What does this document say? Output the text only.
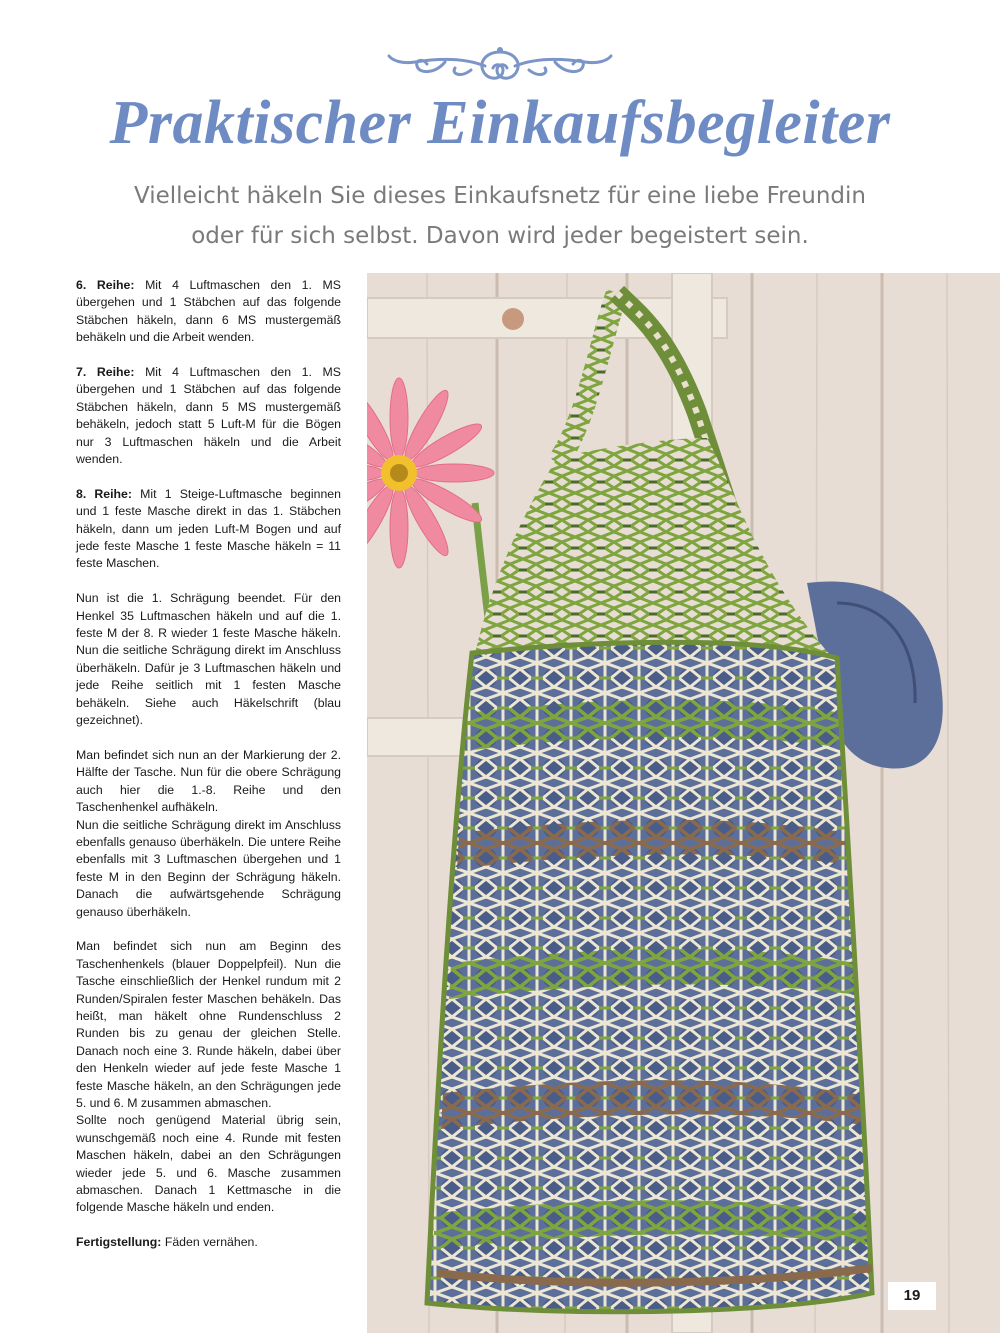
Praktischer Einkaufsbegleiter
Vielleicht häkeln Sie dieses Einkaufsnetz für eine liebe Freundin
oder für sich selbst. Davon wird jeder begeistert sein.

6. Reihe: Mit 4 Luftmaschen den 1. MS übergehen und 1 Stäbchen auf das folgende Stäbchen häkeln, dann 6 MS mustergemäß behäkeln und die Arbeit wenden.

7. Reihe: Mit 4 Luftmaschen den 1. MS übergehen und 1 Stäbchen auf das folgende Stäbchen häkeln, dann 5 MS mustergemäß behäkeln, jedoch statt 5 Luft-M für die Bögen nur 3 Luftmaschen häkeln und die Arbeit wenden.

8. Reihe: Mit 1 Steige-Luftmasche beginnen und 1 feste Masche direkt in das 1. Stäbchen häkeln, dann um jeden Luft-M Bogen und auf jede feste Masche 1 feste Masche häkeln = 11 feste Maschen.

Nun ist die 1. Schrägung beendet. Für den Henkel 35 Luftmaschen häkeln und auf die 1. feste M der 8. R wieder 1 feste Masche häkeln. Nun die seitliche Schrägung direkt im Anschluss überhäkeln. Dafür je 3 Luftmaschen häkeln und jede Reihe seitlich mit 1 festen Masche behäkeln. Siehe auch Häkelschrift (blau gezeichnet).

Man befindet sich nun an der Markierung der 2. Hälfte der Tasche. Nun für die obere Schrägung auch hier die 1.-8. Reihe und den Taschenhenkel aufhäkeln.

Nun die seitliche Schrägung direkt im Anschluss ebenfalls genauso überhäkeln. Die untere Reihe ebenfalls mit 3 Luftmaschen übergehen und 1 feste M in den Beginn der Schrägung häkeln. Danach die aufwärtsgehende Schrägung genauso überhäkeln.

Man befindet sich nun am Beginn des Taschenhenkels (blauer Doppelpfeil). Nun die Tasche einschließlich der Henkel rundum mit 2 Runden/Spiralen fester Maschen behäkeln. Das heißt, man häkelt ohne Rundenschluss 2 Runden bis zu genau der gleichen Stelle. Danach noch eine 3. Runde häkeln, dabei über den Henkeln wieder auf jede feste Masche 1 feste Masche häkeln, an den Schrägungen jede 5. und 6. M zusammen abmaschen.

Sollte noch genügend Material übrig sein, wunschgemäß noch eine 4. Runde mit festen Maschen häkeln, dabei an den Schrägungen wieder jede 5. und 6. Masche zusammen abmaschen. Danach 1 Kettmasche in die folgende Masche häkeln und enden.

Fertigstellung: Fäden vernähen.

19
